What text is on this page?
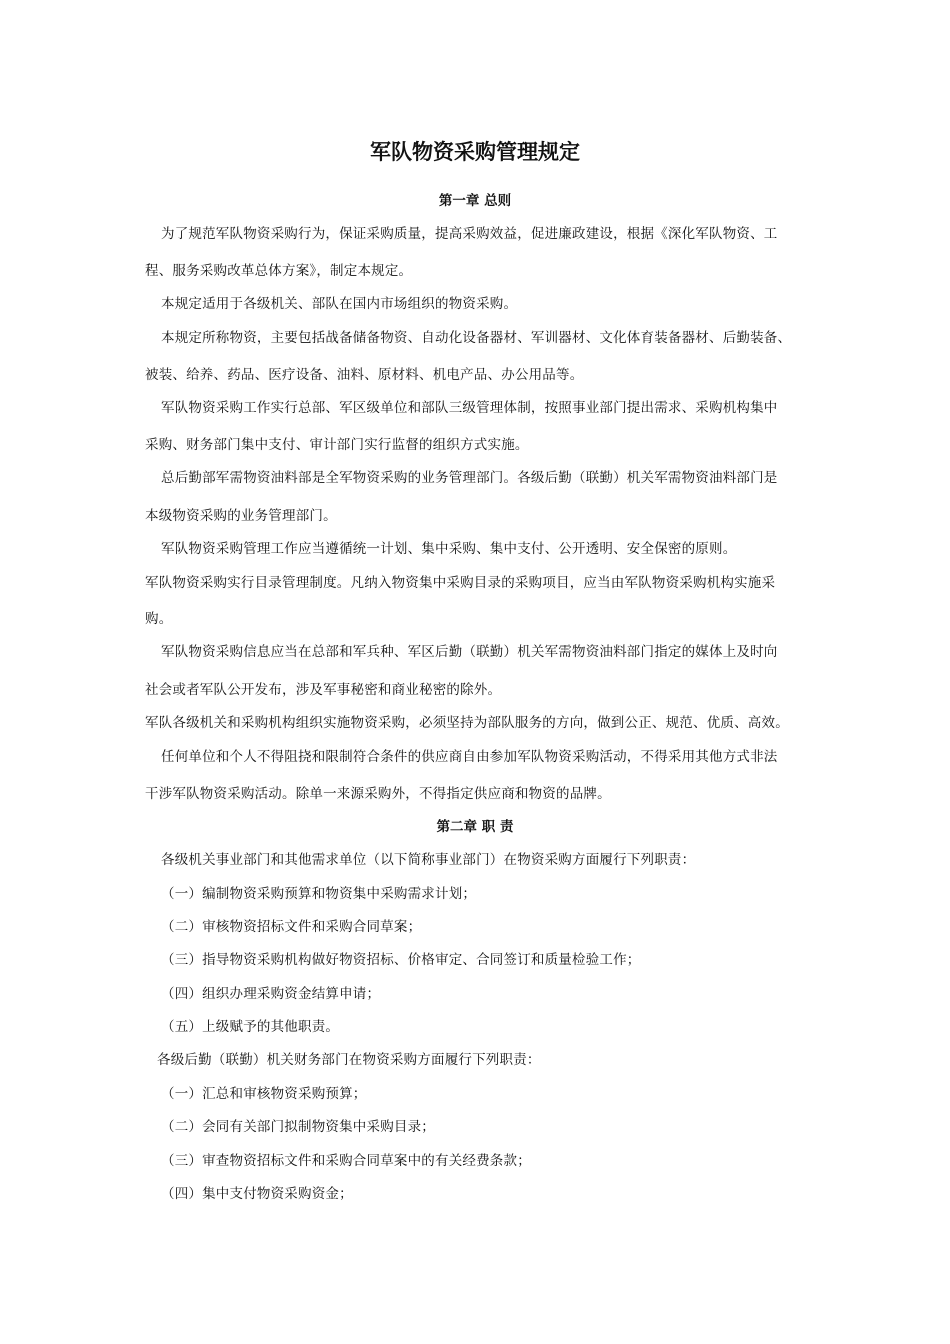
军队物资采购管理规定
第一章 总则
为了规范军队物资采购行为，保证采购质量，提高采购效益，促进廉政建设，根据《深化军队物资、工
程、服务采购改革总体方案》，制定本规定。
本规定适用于各级机关、部队在国内市场组织的物资采购。
本规定所称物资，主要包括战备储备物资、自动化设备器材、军训器材、文化体育装备器材、后勤装备、
被装、给养、药品、医疗设备、油料、原材料、机电产品、办公用品等。
军队物资采购工作实行总部、军区级单位和部队三级管理体制，按照事业部门提出需求、采购机构集中
采购、财务部门集中支付、审计部门实行监督的组织方式实施。
总后勤部军需物资油料部是全军物资采购的业务管理部门。各级后勤（联勤）机关军需物资油料部门是
本级物资采购的业务管理部门。
军队物资采购管理工作应当遵循统一计划、集中采购、集中支付、公开透明、安全保密的原则。
军队物资采购实行目录管理制度。凡纳入物资集中采购目录的采购项目，应当由军队物资采购机构实施采
购。
军队物资采购信息应当在总部和军兵种、军区后勤（联勤）机关军需物资油料部门指定的媒体上及时向
社会或者军队公开发布，涉及军事秘密和商业秘密的除外。
军队各级机关和采购机构组织实施物资采购，必须坚持为部队服务的方向，做到公正、规范、优质、高效。
任何单位和个人不得阻挠和限制符合条件的供应商自由参加军队物资采购活动，不得采用其他方式非法
干涉军队物资采购活动。除单一来源采购外，不得指定供应商和物资的品牌。
第二章 职 责
各级机关事业部门和其他需求单位（以下简称事业部门）在物资采购方面履行下列职责：
（一）编制物资采购预算和物资集中采购需求计划；
（二）审核物资招标文件和采购合同草案；
（三）指导物资采购机构做好物资招标、价格审定、合同签订和质量检验工作；
（四）组织办理采购资金结算申请；
（五）上级赋予的其他职责。
各级后勤（联勤）机关财务部门在物资采购方面履行下列职责：
（一）汇总和审核物资采购预算；
（二）会同有关部门拟制物资集中采购目录；
（三）审查物资招标文件和采购合同草案中的有关经费条款；
（四）集中支付物资采购资金；
